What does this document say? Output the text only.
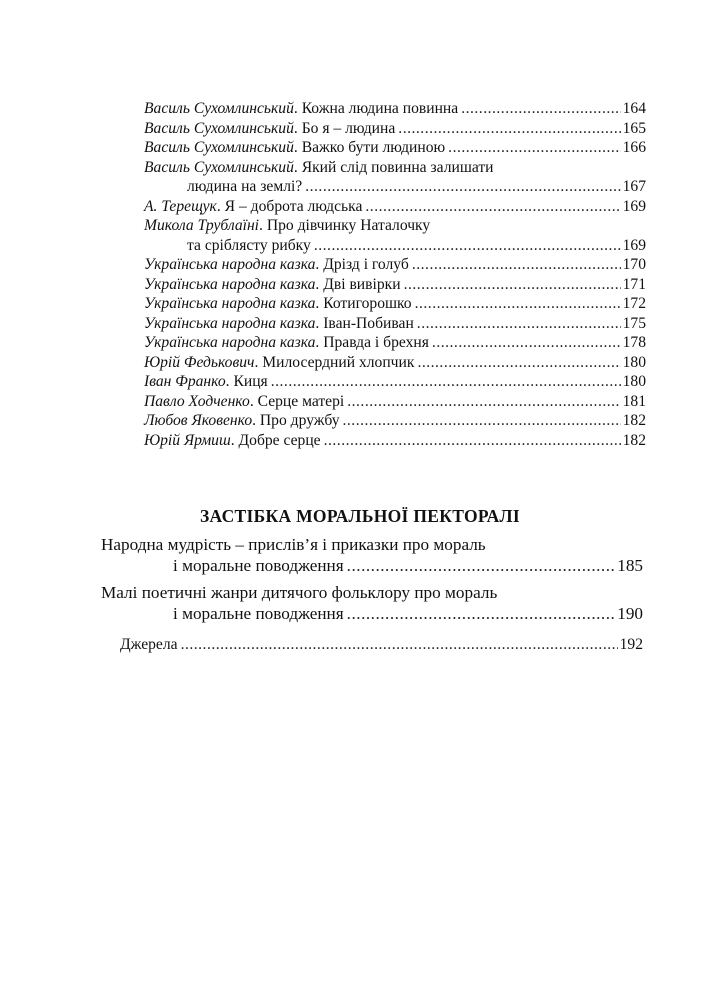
Василь Сухомлинський. Кожна людина повинна .....	164
Василь Сухомлинський. Бо я – людина .....	165
Василь Сухомлинський. Важко бути людиною .....	166
Василь Сухомлинський. Який слід повинна залишати
людина на землі? .....	167
А. Терещук. Я – доброта людська .....	169
Микола Трублаїні. Про дівчинку Наталочку
та сріблясту рибку .....	169
Українська народна казка. Дрізд і голуб .....	170
Українська народна казка. Дві вивірки .....	171
Українська народна казка. Котигорошко .....	172
Українська народна казка. Іван-Побиван .....	175
Українська народна казка. Правда і брехня .....	178
Юрій Федькович. Милосердний хлопчик .....	180
Іван Франко. Киця .....	180
Павло Ходченко. Серце матері .....	181
Любов Яковенко. Про дружбу .....	182
Юрій Ярмиш. Добре серце .....	182
ЗАСТІБКА МОРАЛЬНОЇ ПЕКТОРАЛІ
Народна мудрість – прислів’я і приказки про мораль
і моральне поводження .....	185
Малі поетичні жанри дитячого фольклору про мораль
і моральне поводження .....	190
Джерела .....	192
